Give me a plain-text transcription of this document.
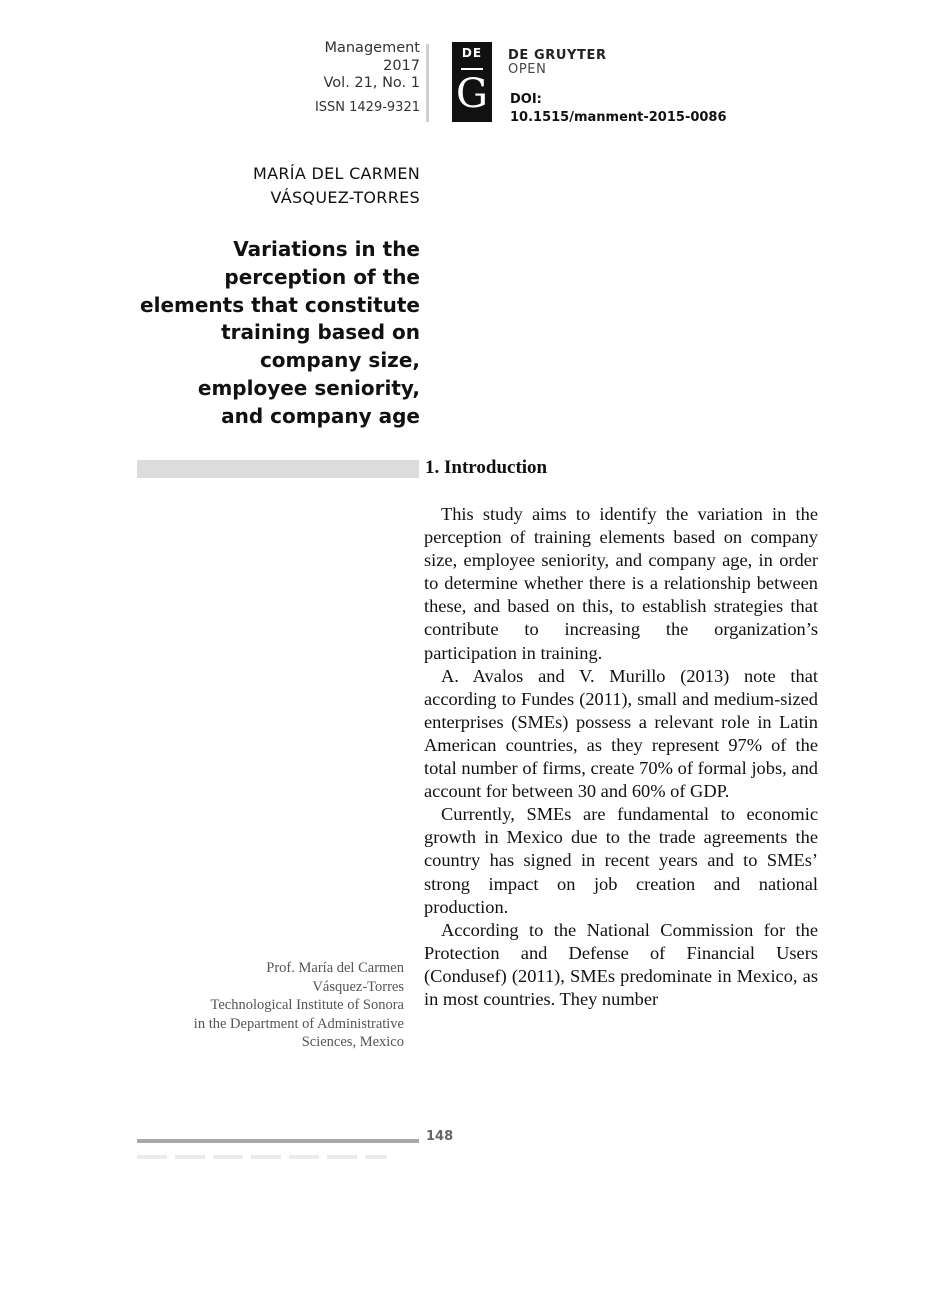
Management
2017
Vol. 21, No. 1
ISSN 1429-9321
DE
G
DE GRUYTER
OPEN
DOI:
10.1515/manment-2015-0086
MARÍA DEL CARMEN
VÁSQUEZ-TORRES
Variations in the
perception of the
elements that constitute
training based on
company size,
employee seniority,
and company age
1. Introduction

This study aims to identify the variation in the perception of training elements based on company size, employee seniority, and company age, in order to determine whether there is a relationship between these, and based on this, to establish strategies that contribute to increasing the organization’s participation in training.

A. Avalos and V. Murillo (2013) note that according to Fundes (2011), small and medium-sized enterprises (SMEs) possess a relevant role in Latin American countries, as they represent 97% of the total number of firms, create 70% of formal jobs, and account for between 30 and 60% of GDP.

Currently, SMEs are fundamental to economic growth in Mexico due to the trade agreements the country has signed in recent years and to SMEs’ strong impact on job creation and national production.

According to the National Commission for the Protection and Defense of Financial Users (Condusef) (2011), SMEs predominate in Mexico, as in most countries. They number

Prof. María del Carmen
Vásquez-Torres
Technological Institute of Sonora
in the Department of Administrative
Sciences, Mexico
148
